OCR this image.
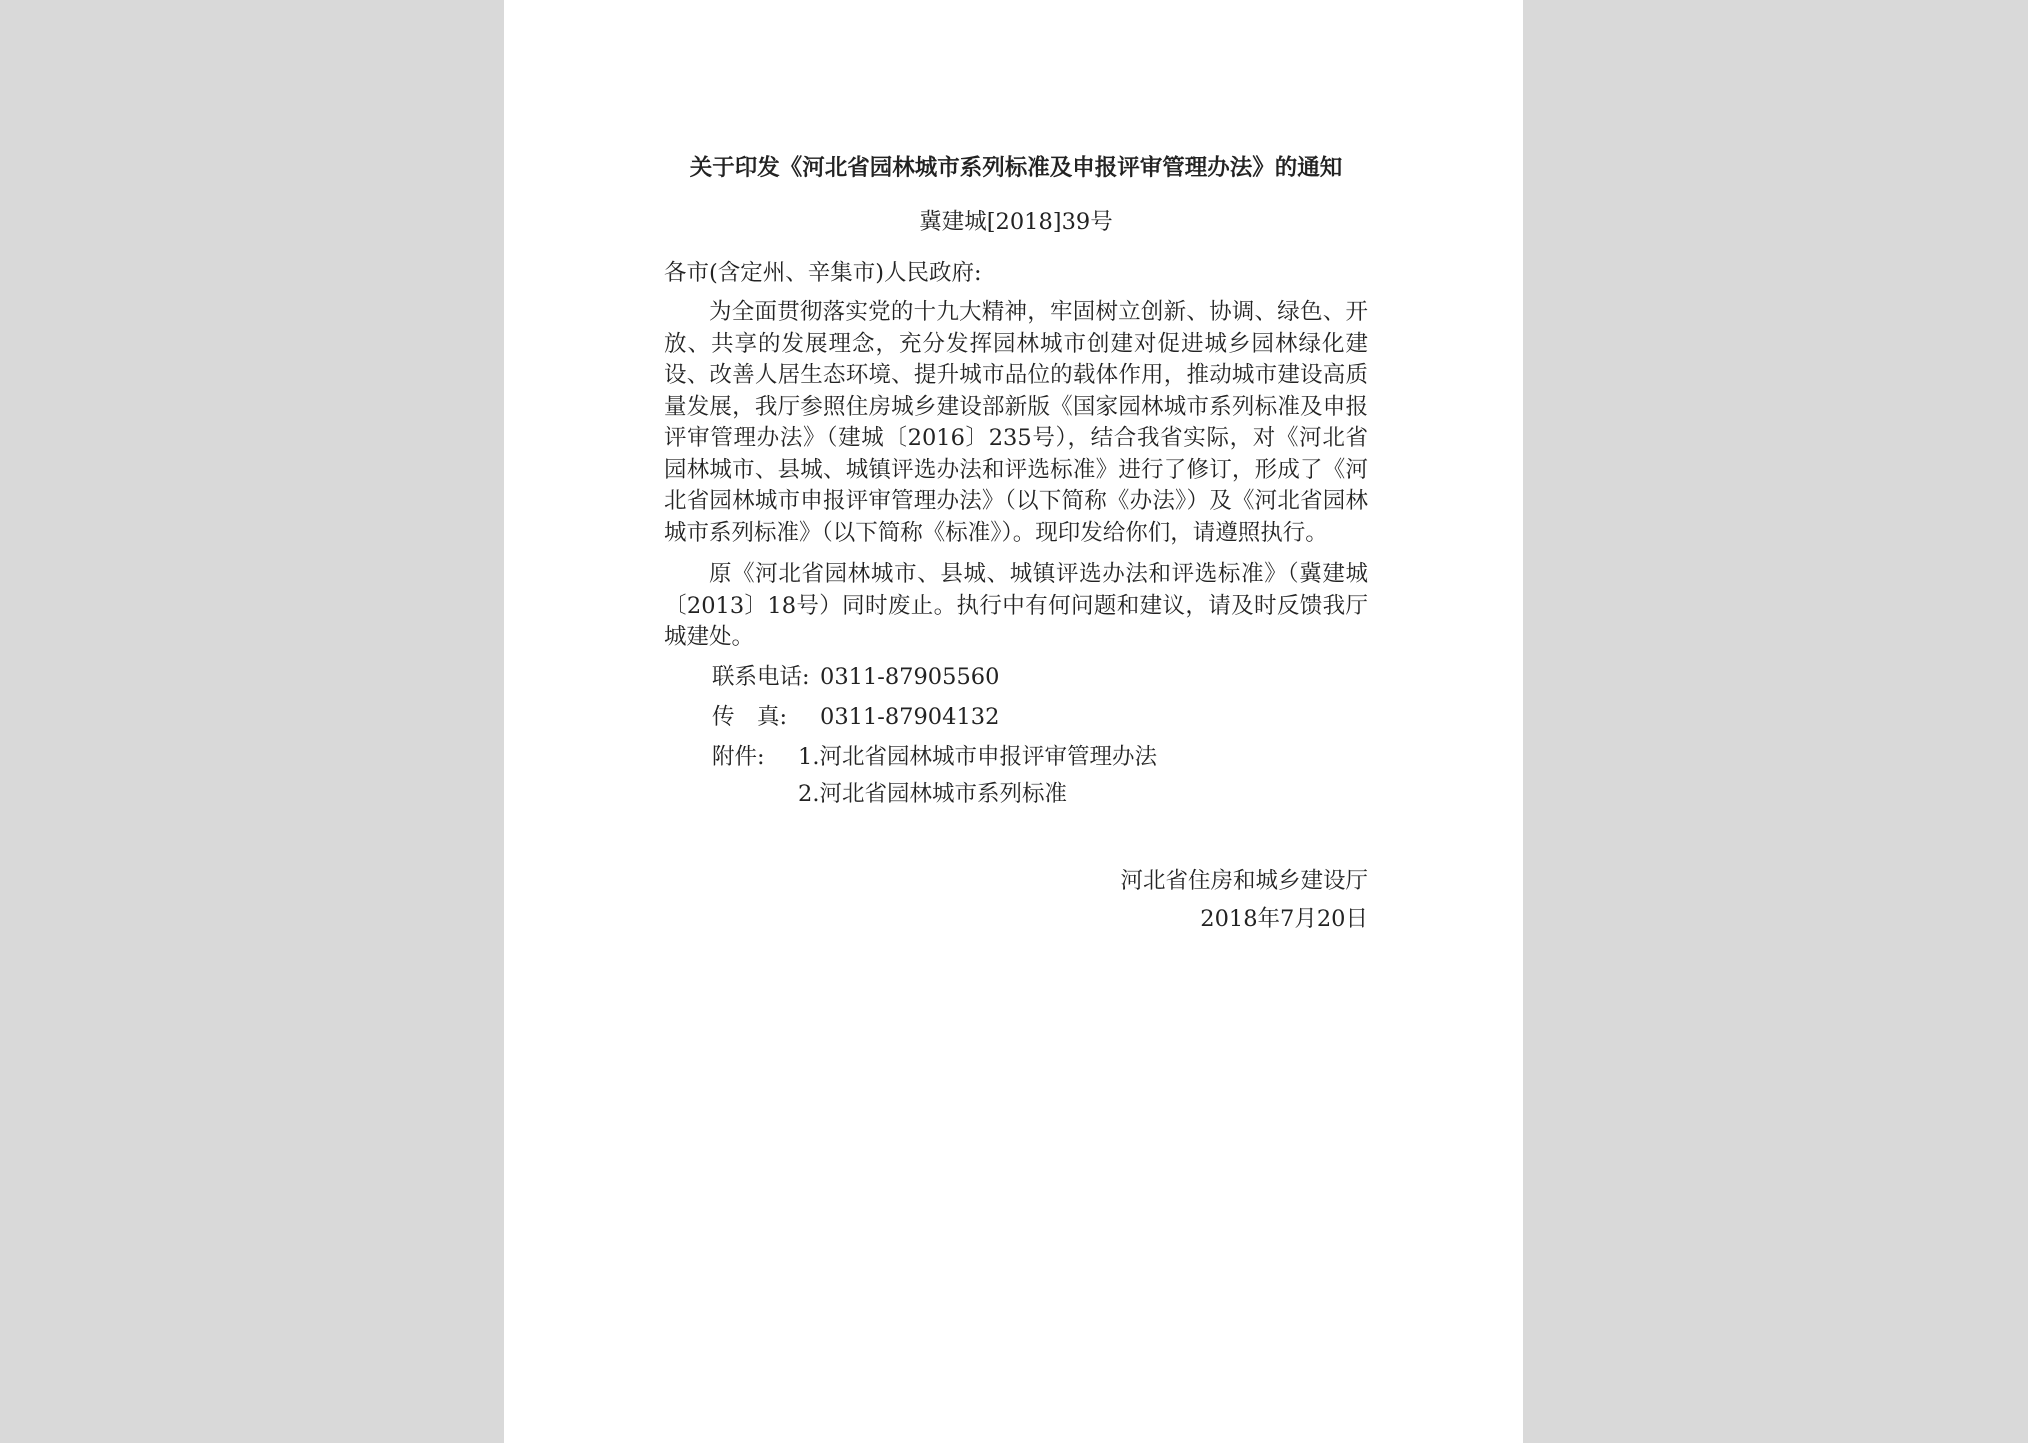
关于印发《河北省园林城市系列标准及申报评审管理办法》的通知
冀建城[2018]39号
各市(含定州、辛集市)人民政府:

为全面贯彻落实党的十九大精神，牢固树立创新、协调、绿色、开放、共享的发展理念，充分发挥园林城市创建对促进城乡园林绿化建设、改善人居生态环境、提升城市品位的载体作用，推动城市建设高质量发展，我厅参照住房城乡建设部新版《国家园林城市系列标准及申报评审管理办法》（建城〔2016〕235号），结合我省实际，对《河北省园林城市、县城、城镇评选办法和评选标准》进行了修订，形成了《河北省园林城市申报评审管理办法》（以下简称《办法》）及《河北省园林城市系列标准》（以下简称《标准》）。现印发给你们，请遵照执行。

原《河北省园林城市、县城、城镇评选办法和评选标准》（冀建城〔2013〕18号）同时废止。执行中有何问题和建议，请及时反馈我厅城建处。

联系电话: 0311-87905560
传　真: 0311-87904132
附件:	1.河北省园林城市申报评审管理办法
2.河北省园林城市系列标准
河北省住房和城乡建设厅
2018年7月20日
